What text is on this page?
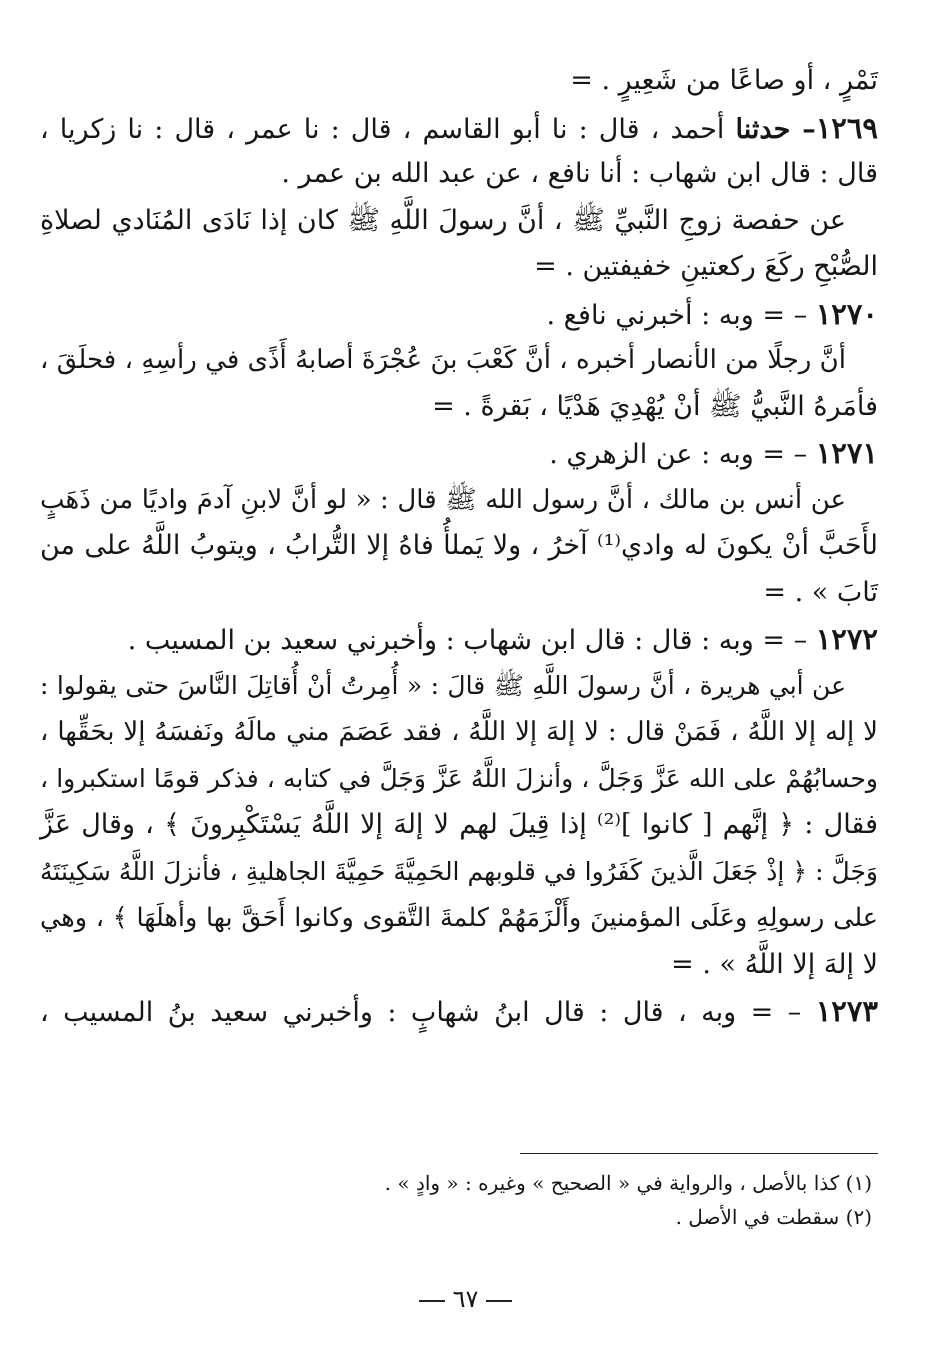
تَمْرٍ ، أو صاعًا من شَعِيرٍ . =
١٢٦٩– حدثنا أحمد ، قال : نا أبو القاسم ، قال : نا عمر ، قال : نا زكريا ،
قال : قال ابن شهاب : أنا نافع ، عن عبد الله بن عمر .
عن حفصة زوجِ النَّبيِّ ﷺ ، أنَّ رسولَ اللَّهِ ﷺ كان إذا نَادَى المُنَادي لصلاةِ
الصُّبْحِ ركَعَ ركعتينِ خفيفتين . =
١٢٧٠ – = وبه : أخبرني نافع .
أنَّ رجلًا من الأنصار أخبره ، أنَّ كَعْبَ بنَ عُجْرَةَ أصابهُ أَذًى في رأسِهِ ، فحلَقَ ،
فأمَرهُ النَّبيُّ ﷺ أنْ يُهْدِيَ هَدْيًا ، بَقرةً . =
١٢٧١ – = وبه : عن الزهري .
عن أنس بن مالك ، أنَّ رسول الله ﷺ قال : « لو أنَّ لابنِ آدمَ واديًا من ذَهَبٍ
لأَحَبَّ أنْ يكونَ له وادي⁽¹⁾ آخرُ ، ولا يَملأُ فاهُ إلا التُّرابُ ، ويتوبُ اللَّهُ على من
تَابَ » . =
١٢٧٢ – = وبه : قال : قال ابن شهاب : وأخبرني سعيد بن المسيب .
عن أبي هريرة ، أنَّ رسولَ اللَّهِ ﷺ قالَ : « أُمِرتُ أنْ أُقاتِلَ النَّاسَ حتى يقولوا :
لا إله إلا اللَّهُ ، فَمَنْ قال : لا إلهَ إلا اللَّهُ ، فقد عَصَمَ مني مالَهُ ونَفسَهُ إلا بحَقِّها ،
وحسابُهُمْ على الله عَزَّ وَجَلَّ ، وأنزلَ اللَّهُ عَزَّ وَجَلَّ في كتابه ، فذكر قومًا استكبروا ،
فقال : ﴿ إنَّهم [ كانوا ]⁽²⁾ إذا قِيلَ لهم لا إلهَ إلا اللَّهُ يَسْتَكْبِرونَ ﴾ ، وقال عَزَّ
وَجَلَّ : ﴿ إذْ جَعَلَ الَّذينَ كَفَرُوا في قلوبهم الحَمِيَّةَ حَمِيَّةَ الجاهليةِ ، فأنزلَ اللَّهُ سَكِينَتَهُ
على رسولِهِ وعَلَى المؤمنينَ وأَلْزَمَهُمْ كلمةَ التَّقوى وكانوا أَحَقَّ بها وأهلَهَا ﴾ ، وهي
لا إلهَ إلا اللَّهُ » . =
١٢٧٣ – = وبه ، قال : قال ابنُ شهابٍ : وأخبرني سعيد بنُ المسيب ،
(١) كذا بالأصل ، والرواية في « الصحيح » وغيره : « وادٍ » .
(٢) سقطت في الأصل .
٦٧
